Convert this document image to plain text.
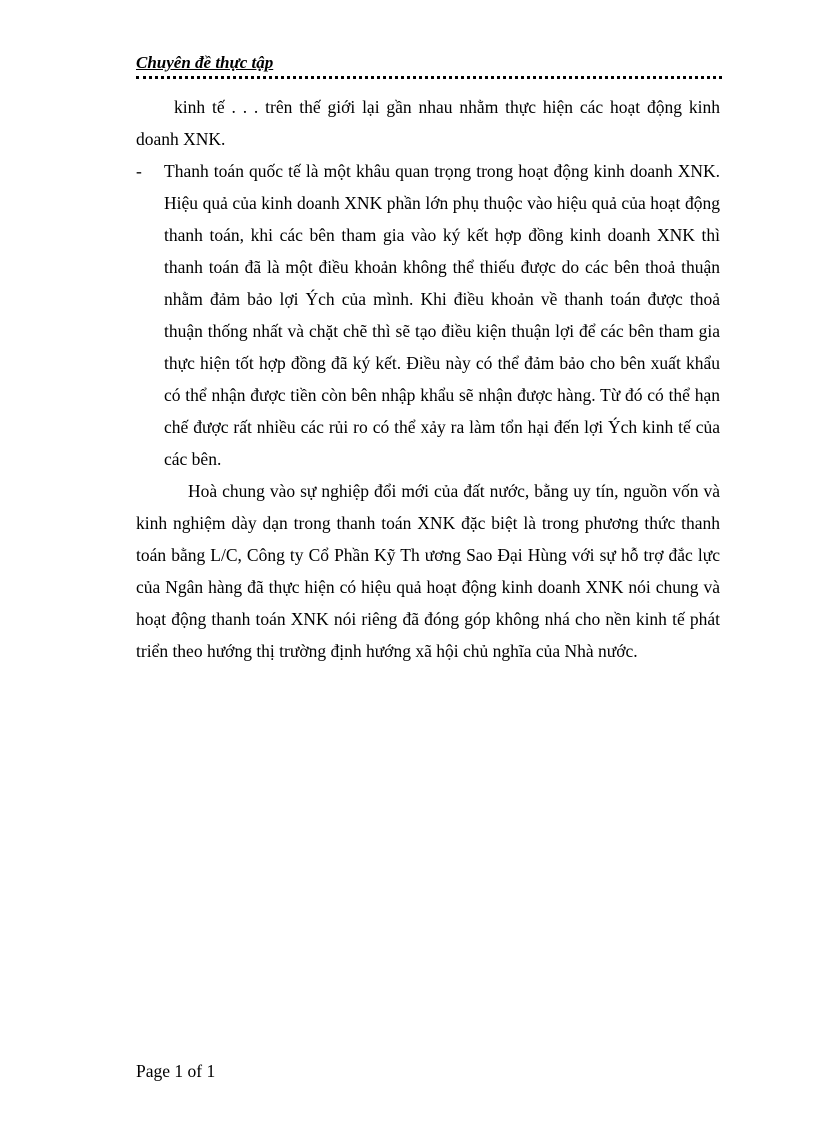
Chuyên đề thực tập

kinh tế . . . trên thế giới lại gần nhau nhằm thực hiện các hoạt động kinh doanh XNK.

- Thanh toán quốc tế là một khâu quan trọng trong hoạt động kinh doanh XNK. Hiệu quả của kinh doanh XNK phần lớn phụ thuộc vào hiệu quả của hoạt động thanh toán, khi các bên tham gia vào ký kết hợp đồng kinh doanh XNK thì thanh toán đã là một điều khoản không thể thiếu được do các bên thoả thuận nhằm đảm bảo lợi Ých của mình. Khi điều khoản về thanh toán được thoả thuận thống nhất và chặt chẽ thì sẽ tạo điều kiện thuận lợi để các bên tham gia thực hiện tốt hợp đồng đã ký kết. Điều này có thể đảm bảo cho bên xuất khẩu có thể nhận được tiền còn bên nhập khẩu sẽ nhận được hàng. Từ đó có thể hạn chế được rất nhiều các rủi ro có thể xảy ra làm tổn hại đến lợi Ých kinh tế của các bên.

Hoà chung vào sự nghiệp đổi mới của đất nước, bằng uy tín, nguồn vốn và kinh nghiệm dày dạn trong thanh toán XNK đặc biệt là trong phương thức thanh toán bằng L/C, Công ty Cổ Phần Kỹ Th ương Sao Đại Hùng với sự hỗ trợ đắc lực của Ngân hàng đã thực hiện có hiệu quả hoạt động kinh doanh XNK nói chung và hoạt động thanh toán XNK nói riêng đã đóng góp không nhá cho nền kinh tế phát triển theo hướng thị trường định hướng xã hội chủ nghĩa của Nhà nước.

Page 1 of 1
